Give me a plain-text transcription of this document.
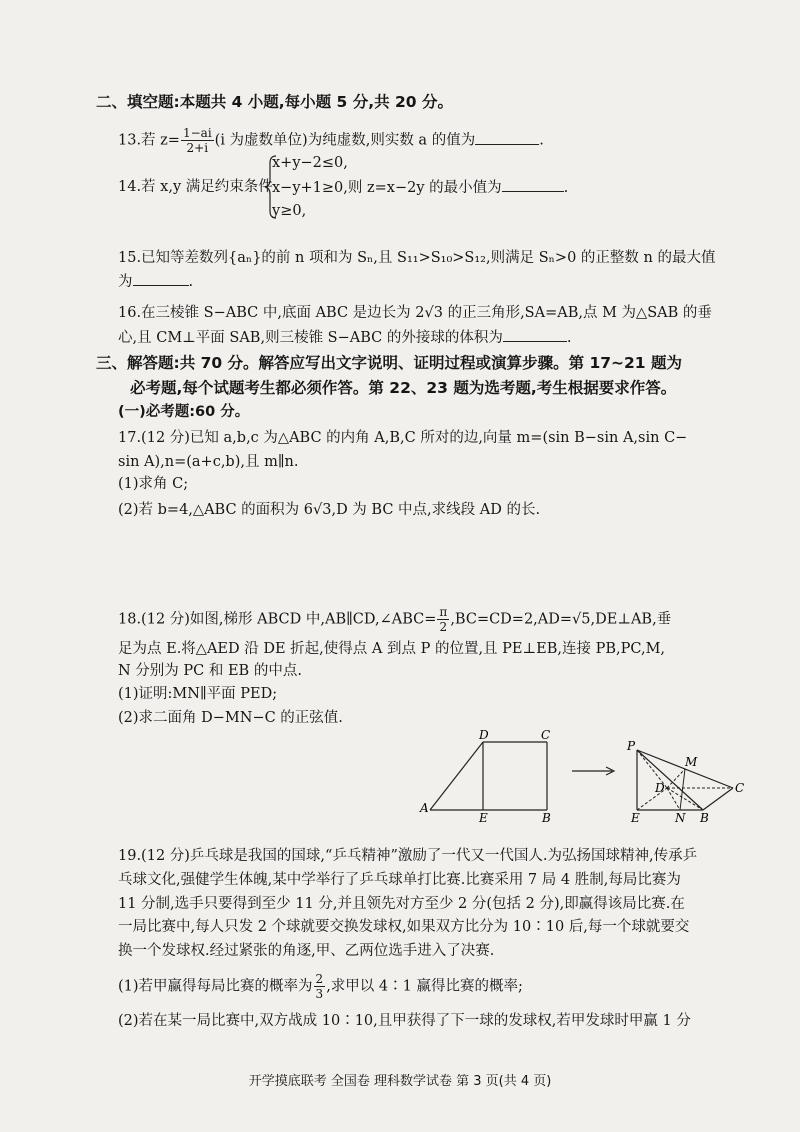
二、填空题:本题共 4 小题,每小题 5 分,共 20 分。
13.若 $z= \frac{1-ai}{2+i} (i$ 为虚数单位)为纯虚数,则实数 a 的值为	.
14.若 x,y 满足约束条件
x+y−2≤0,
x−y+1≥0,则 z=x−2y 的最小值为	.
y≥0,
15.已知等差数列{aₙ}的前 n 项和为 Sₙ,且 S₁₁>S₁₀>S₁₂,则满足 Sₙ>0 的正整数 n 的最大值
为	.
16.在三棱锥 S−ABC 中,底面 ABC 是边长为 2√3 的正三角形,SA=AB,点 M 为△SAB 的垂
心,且 CM⊥平面 SAB,则三棱锥 S−ABC 的外接球的体积为	.
三、解答题:共 70 分。解答应写出文字说明、证明过程或演算步骤。第 17~21 题为
必考题,每个试题考生都必须作答。第 22、23 题为选考题,考生根据要求作答。
(一)必考题:60 分。
17.(12 分)已知 a,b,c 为△ABC 的内角 A,B,C 所对的边,向量 m=(sin B−sin A,sin C−
sin A),n=(a+c,b),且 m∥n.
(1)求角 C;
(2)若 b=4,△ABC 的面积为 6√3,D 为 BC 中点,求线段 AD 的长.
18.(12 分)如图,梯形 ABCD 中,AB∥CD,∠ABC= $\frac{\pi}{2}$ ,BC=CD=2,AD=√5,DE⊥AB,垂
足为点 E.将△AED 沿 DE 折起,使得点 A 到点 P 的位置,且 PE⊥EB,连接 PB,PC,M,
N 分别为 PC 和 EB 的中点.
(1)证明:MN∥平面 PED;
(2)求二面角 D−MN−C 的正弦值.
D	C
A
E	B
P
M
D	C
E	N B
19.(12 分)乒乓球是我国的国球,“乒乓精神”激励了一代又一代国人.为弘扬国球精神,传承乒
乓球文化,强健学生体魄,某中学举行了乒乓球单打比赛.比赛采用 7 局 4 胜制,每局比赛为
11 分制,选手只要得到至少 11 分,并且领先对方至少 2 分(包括 2 分),即赢得该局比赛.在
一局比赛中,每人只发 2 个球就要交换发球权,如果双方比分为 10∶10 后,每一个球就要交
换一个发球权.经过紧张的角逐,甲、乙两位选手进入了决赛.
(1)若甲赢得每局比赛的概率为 $\frac{2}{3}$ ,求甲以 4∶1 赢得比赛的概率;
(2)若在某一局比赛中,双方战成 10∶10,且甲获得了下一球的发球权,若甲发球时甲赢 1 分
开学摸底联考 全国卷 理科数学试卷 第 3 页(共 4 页)
